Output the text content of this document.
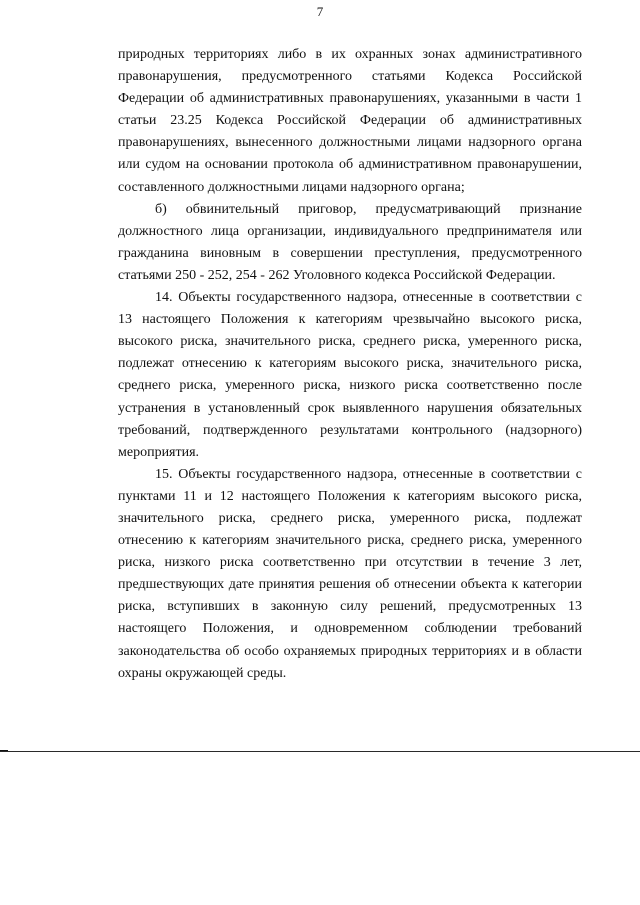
7

природных территориях либо в их охранных зонах административного правонарушения, предусмотренного статьями Кодекса Российской Федерации об административных правонарушениях, указанными в части 1 статьи 23.25 Кодекса Российской Федерации об административных правонарушениях, вынесенного должностными лицами надзорного органа или судом на основании протокола об административном правонарушении, составленного должностными лицами надзорного органа;

б) обвинительный приговор, предусматривающий признание должностного лица организации, индивидуального предпринимателя или гражданина виновным в совершении преступления, предусмотренного статьями 250 - 252, 254 - 262 Уголовного кодекса Российской Федерации.

14. Объекты государственного надзора, отнесенные в соответствии с 13 настоящего Положения к категориям чрезвычайно высокого риска, высокого риска, значительного риска, среднего риска, умеренного риска, подлежат отнесению к категориям высокого риска, значительного риска, среднего риска, умеренного риска, низкого риска соответственно после устранения в установленный срок выявленного нарушения обязательных требований, подтвержденного результатами контрольного (надзорного) мероприятия.

15. Объекты государственного надзора, отнесенные в соответствии с пунктами 11 и 12 настоящего Положения к категориям высокого риска, значительного риска, среднего риска, умеренного риска, подлежат отнесению к категориям значительного риска, среднего риска, умеренного риска, низкого риска соответственно при отсутствии в течение 3 лет, предшествующих дате принятия решения об отнесении объекта к категории риска, вступивших в законную силу решений, предусмотренных 13 настоящего Положения, и одновременном соблюдении требований законодательства об особо охраняемых природных территориях и в области охраны окружающей среды.
